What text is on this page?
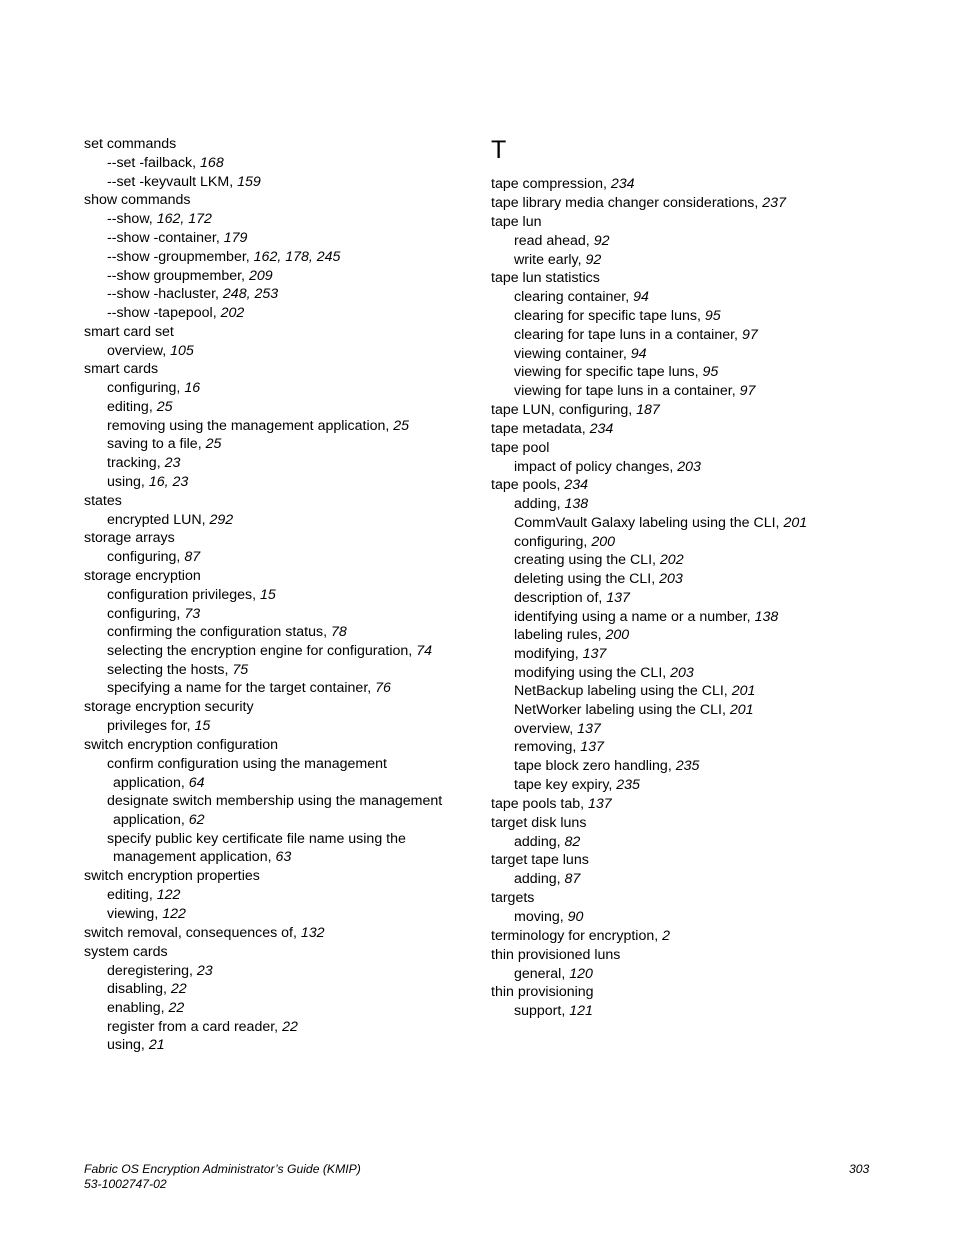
set commands
--set -failback, 168
--set -keyvault LKM, 159
show commands
--show, 162, 172
--show -container, 179
--show -groupmember, 162, 178, 245
--show groupmember, 209
--show -hacluster, 248, 253
--show -tapepool, 202
smart card set
overview, 105
smart cards
configuring, 16
editing, 25
removing using the management application, 25
saving to a file, 25
tracking, 23
using, 16, 23
states
encrypted LUN, 292
storage arrays
configuring, 87
storage encryption
configuration privileges, 15
configuring, 73
confirming the configuration status, 78
selecting the encryption engine for configuration, 74
selecting the hosts, 75
specifying a name for the target container, 76
storage encryption security
privileges for, 15
switch encryption configuration
confirm configuration using the management
application, 64
designate switch membership using the management
application, 62
specify public key certificate file name using the
management application, 63
switch encryption properties
editing, 122
viewing, 122
switch removal, consequences of, 132
system cards
deregistering, 23
disabling, 22
enabling, 22
register from a card reader, 22
using, 21
T
tape compression, 234
tape library media changer considerations, 237
tape lun
read ahead, 92
write early, 92
tape lun statistics
clearing container, 94
clearing for specific tape luns, 95
clearing for tape luns in a container, 97
viewing container, 94
viewing for specific tape luns, 95
viewing for tape luns in a container, 97
tape LUN, configuring, 187
tape metadata, 234
tape pool
impact of policy changes, 203
tape pools, 234
adding, 138
CommVault Galaxy labeling using the CLI, 201
configuring, 200
creating using the CLI, 202
deleting using the CLI, 203
description of, 137
identifying using a name or a number, 138
labeling rules, 200
modifying, 137
modifying using the CLI, 203
NetBackup labeling using the CLI, 201
NetWorker labeling using the CLI, 201
overview, 137
removing, 137
tape block zero handling, 235
tape key expiry, 235
tape pools tab, 137
target disk luns
adding, 82
target tape luns
adding, 87
targets
moving, 90
terminology for encryption, 2
thin provisioned luns
general, 120
thin provisioning
support, 121
Fabric OS Encryption Administrator’s Guide (KMIP)
53-1002747-02
303
